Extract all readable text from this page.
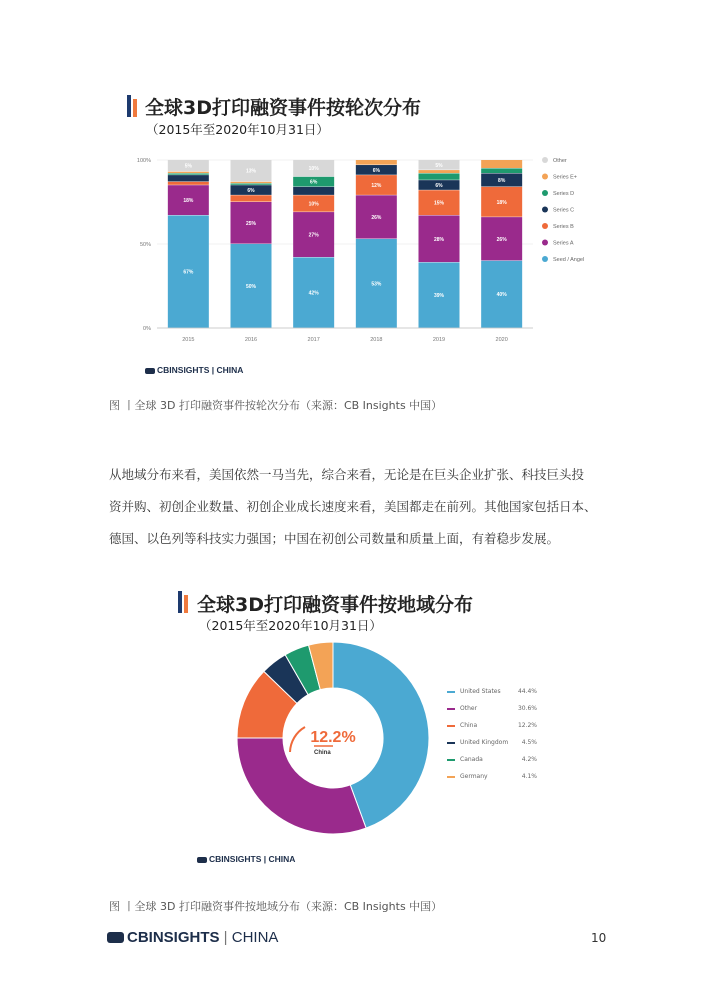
全球3D打印融资事件按轮次分布
（2015年至2020年10月31日）
0%
50%
100%
67%
18%
5%
50%
25%
6%
13%
42%
27%
10%
6%
10%
53%
26%
12%
6%
39%
28%
15%
6%
5%
40%
26%
18%
8%
2015	2016	2017	2018	2019	2020
Other
Series E+
Series D
Series C
Series B
Series A
Seed / Angel
CBINSIGHTS | CHINA
图 丨全球 3D 打印融资事件按轮次分布（来源：CB Insights 中国）

从地域分布来看，美国依然一马当先，综合来看，无论是在巨头企业扩张、科技巨头投

资并购、初创企业数量、初创企业成长速度来看，美国都走在前列。其他国家包括日本、

德国、以色列等科技实力强国；中国在初创公司数量和质量上面，有着稳步发展。

全球3D打印融资事件按地域分布
（2015年至2020年10月31日）
12.2%
China
United States	44.4%
Other	30.6%
China	12.2%
United Kingdom 4.5%
Canada	4.2%
Germany	4.1%
CBINSIGHTS | CHINA
图 丨全球 3D 打印融资事件按地域分布（来源：CB Insights 中国）
CBINSIGHTS | CHINA	10
